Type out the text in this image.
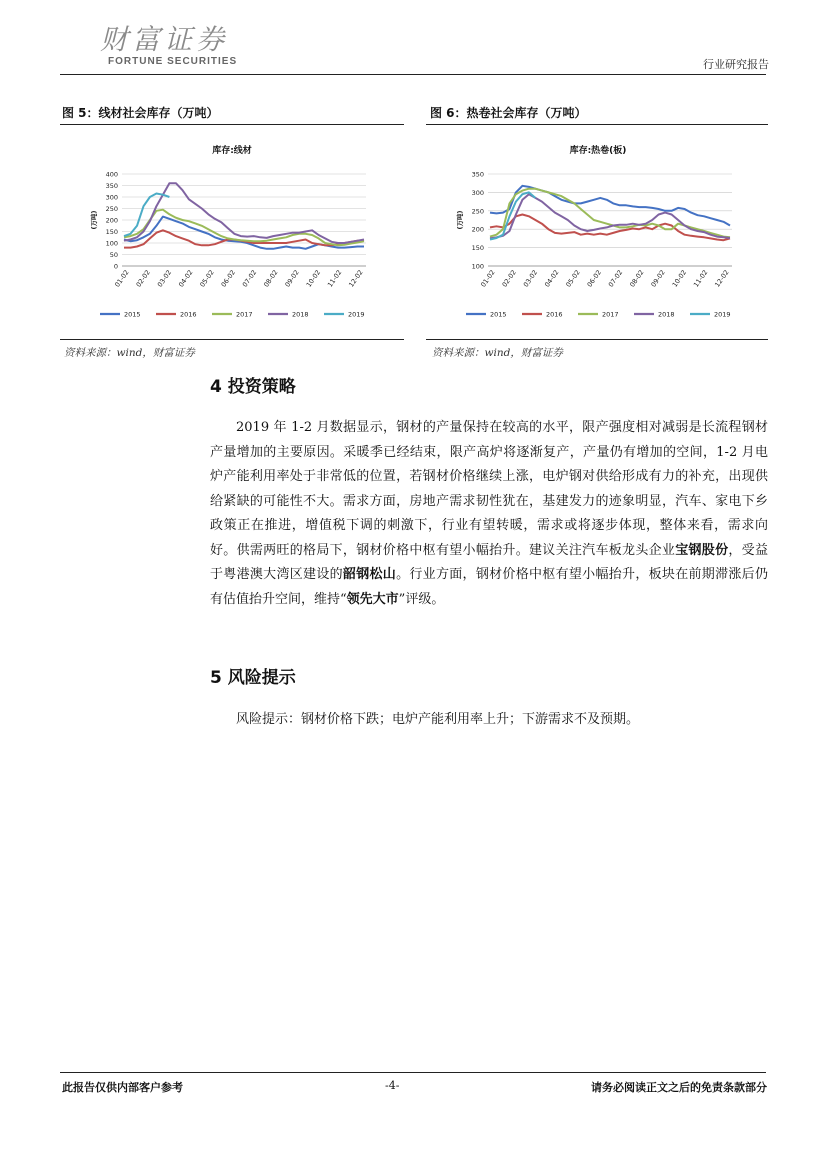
财富证券
FORTUNE SECURITIES	行业研究报告
图 5：线材社会库存（万吨）
库存:线材
0
50
100
150
200
250
300
350
400
(万吨)
01-02 02-02 03-02 04-02 05-02 06-02 07-02 08-02 09-02 10-02 11-02 12-02
2015	2016	2017	2018	2019
资料来源：wind，财富证券
图 6：热卷社会库存（万吨）
库存:热卷(板)
100
150
200
250
300
350
(万吨)
01-02 02-02 03-02 04-02 05-02 06-02 07-02 08-02 09-02 10-02 11-02 12-02
2015	2016	2017	2018	2019
资料来源：wind，财富证券
4 投资策略

2019 年 1-2 月数据显示，钢材的产量保持在较高的水平，限产强度相对减弱是长流程钢材产量增加的主要原因。采暖季已经结束，限产高炉将逐渐复产，产量仍有增加的空间，1-2 月电炉产能利用率处于非常低的位置，若钢材价格继续上涨，电炉钢对供给形成有力的补充，出现供给紧缺的可能性不大。需求方面，房地产需求韧性犹在，基建发力的迹象明显，汽车、家电下乡政策正在推进，增值税下调的刺激下，行业有望转暖，需求或将逐步体现，整体来看，需求向好。供需两旺的格局下，钢材价格中枢有望小幅抬升。建议关注汽车板龙头企业宝钢股份，受益于粤港澳大湾区建设的韶钢松山。行业方面，钢材价格中枢有望小幅抬升，板块在前期滞涨后仍有估值抬升空间，维持“领先大市”评级。

5 风险提示

风险提示：钢材价格下跌；电炉产能利用率上升；下游需求不及预期。

此报告仅供内部客户参考	-4-	请务必阅读正文之后的免责条款部分
